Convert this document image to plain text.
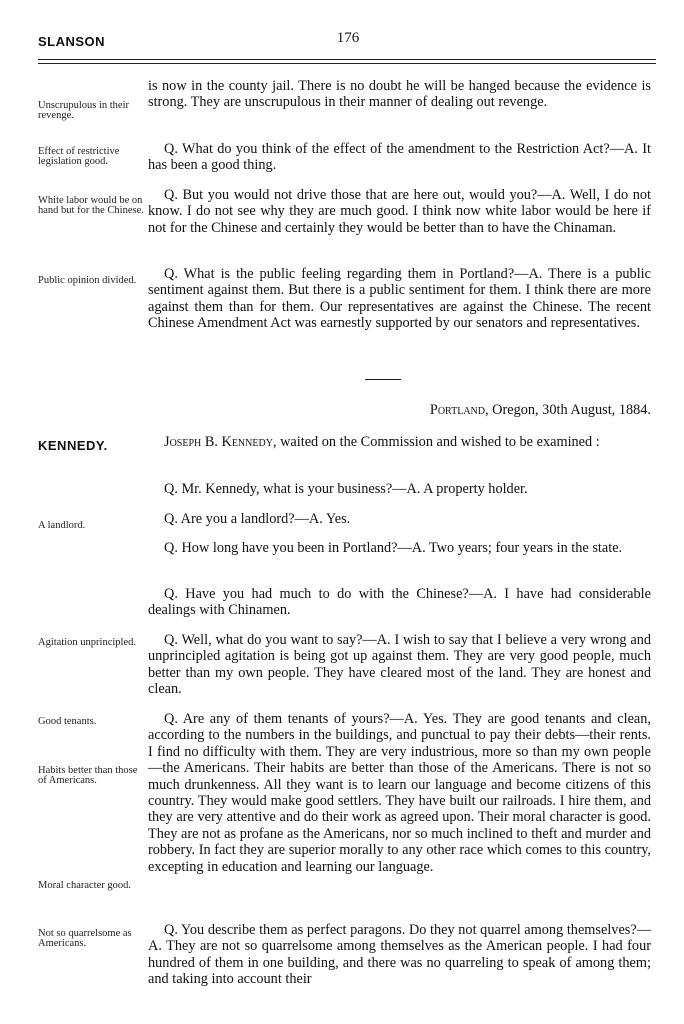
SLANSON	176
Unscrupulous in their revenge.
Effect of restrictive legislation good.
White labor would be on hand but for the Chinese.
Public opinion divided.

is now in the county jail. There is no doubt he will be hanged because the evidence is strong. They are unscrupulous in their manner of dealing out revenge.

Q. What do you think of the effect of the amendment to the Restriction Act?—A. It has been a good thing.

Q. But you would not drive those that are here out, would you?—A. Well, I do not know. I do not see why they are much good. I think now white labor would be here if not for the Chinese and certainly they would be better than to have the Chinaman.

Q. What is the public feeling regarding them in Portland?—A. There is a public sentiment against them. But there is a public sentiment for them. I think there are more against them than for them. Our representatives are against the Chinese. The recent Chinese Amendment Act was earnestly supported by our senators and representatives.

Portland, Oregon, 30th August, 1884.
KENNEDY.	Joseph B. Kennedy, waited on the Commission and wished to be examined :

A landlord.
Agitation unprincipled.
Good tenants.
Habits better than those of Americans.
Moral character good.
Not so quarrelsome as Americans.

Q. Mr. Kennedy, what is your business?—A. A property holder.

Q. Are you a landlord?—A. Yes.

Q. How long have you been in Portland?—A. Two years; four years in the state.

Q. Have you had much to do with the Chinese?—A. I have had considerable dealings with Chinamen.

Q. Well, what do you want to say?—A. I wish to say that I believe a very wrong and unprincipled agitation is being got up against them. They are very good people, much better than my own people. They have cleared most of the land. They are honest and clean.

Q. Are any of them tenants of yours?—A. Yes. They are good tenants and clean, according to the numbers in the buildings, and punctual to pay their debts—their rents. I find no difficulty with them. They are very industrious, more so than my own people—the Americans. Their habits are better than those of the Americans. There is not so much drunkenness. All they want is to learn our language and become citizens of this country. They would make good settlers. They have built our railroads. I hire them, and they are very attentive and do their work as agreed upon. Their moral character is good. They are not as profane as the Americans, nor so much inclined to theft and murder and robbery. In fact they are superior morally to any other race which comes to this country, excepting in education and learning our language.

Q. You describe them as perfect paragons. Do they not quarrel among themselves?—A. They are not so quarrelsome among themselves as the American people. I had four hundred of them in one building, and there was no quarreling to speak of among them; and taking into account their
